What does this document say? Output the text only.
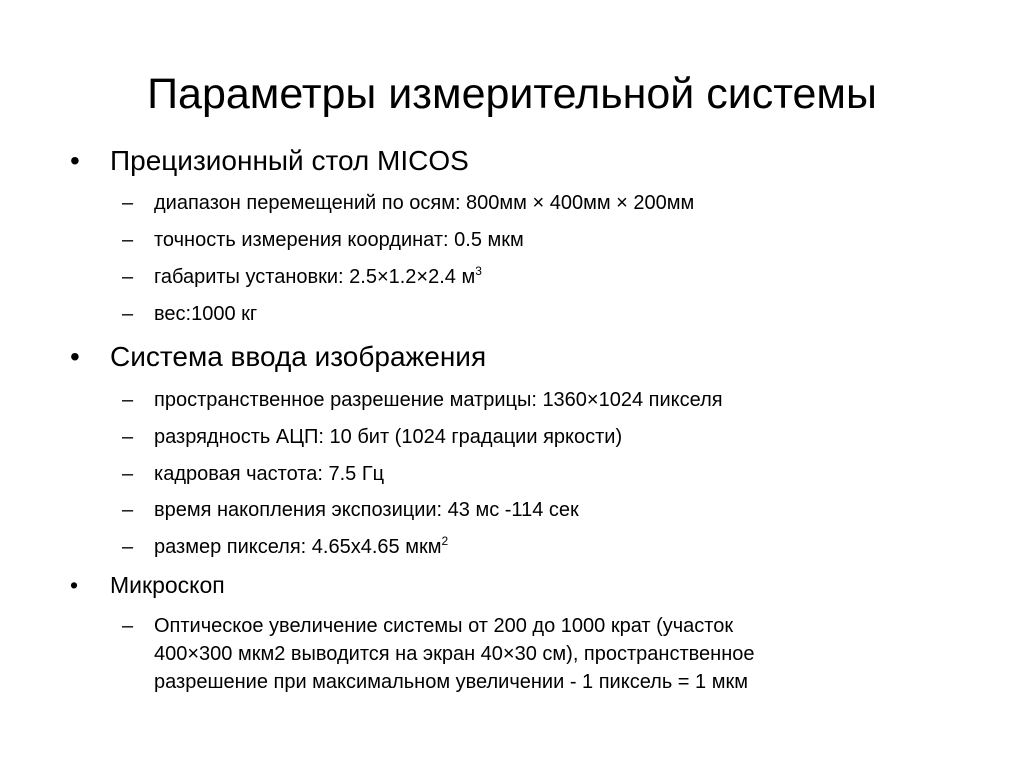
Параметры измерительной системы
• Прецизионный стол MICOS
– диапазон перемещений по осям: 800мм × 400мм × 200мм
– точность измерения координат: 0.5 мкм
– габариты установки: 2.5×1.2×2.4 $м^3$
– вес:1000 кг
• Система ввода изображения
– пространственное разрешение матрицы: 1360×1024 пикселя
– разрядность АЦП: 10 бит (1024 градации яркости)
– кадровая частота: 7.5 Гц
– время накопления экспозиции: 43 мс -114 сек
– размер пикселя: 4.65х4.65 мкм$^2$
• Микроскоп
– Оптическое увеличение системы от 200 до 1000 крат (участок
400×300 мкм2 выводится на экран 40×30 см), пространственное
разрешение при максимальном увеличении - 1 пиксель = 1 мкм
